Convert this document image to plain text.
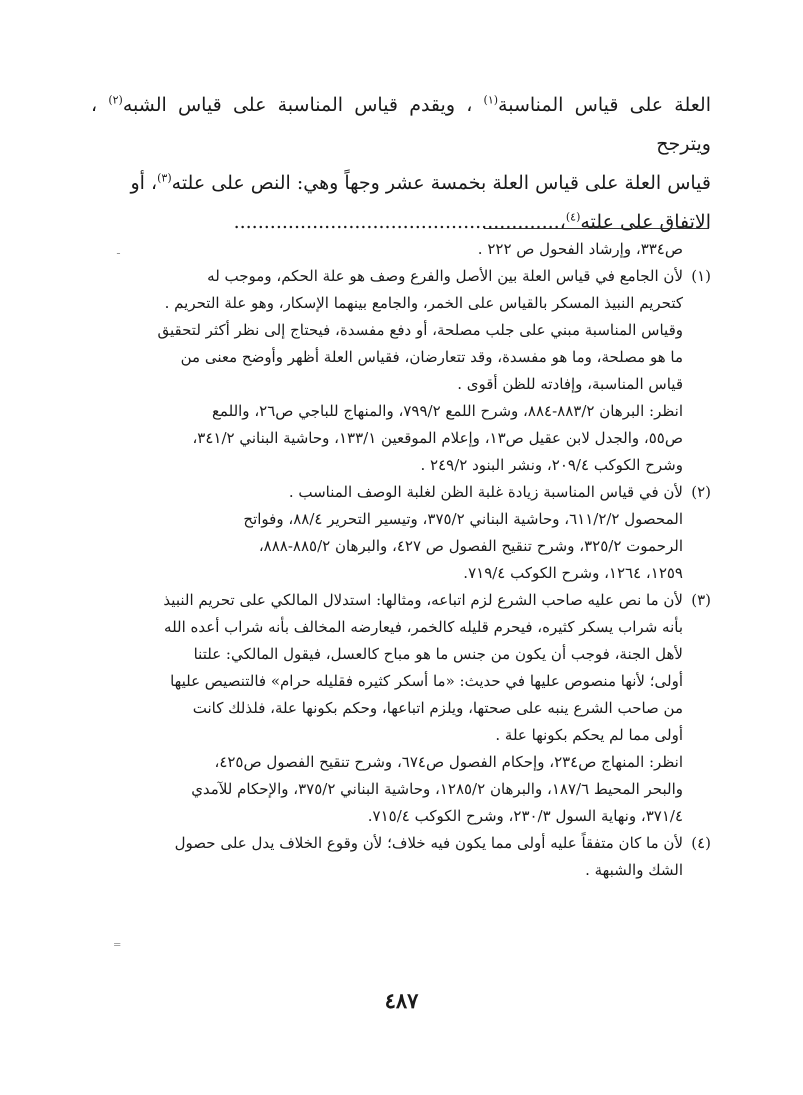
العلة على قياس المناسبة$^{(١)}$ ، ويقدم قياس المناسبة على قياس الشبه$^{(٢)}$ ، ويترجح

قياس العلة على قياس العلة بخمسة عشر وجهاً وهي: النص على علته$^{(٣)}$، أو

الاتفاق على علته$^{(٤)}$،......................................................

ص٣٣٤، وإرشاد الفحول ص ٢٢٢ .

(١)
لأن الجامع في قياس العلة بين الأصل والفرع وصف هو علة الحكم، وموجب له
كتحريم النبيذ المسكر بالقياس على الخمر، والجامع بينهما الإسكار، وهو علة التحريم .
وقياس المناسبة مبني على جلب مصلحة، أو دفع مفسدة، فيحتاج إلى نظر أكثر لتحقيق
ما هو مصلحة، وما هو مفسدة، وقد تتعارضان، فقياس العلة أظهر وأوضح معنى من
قياس المناسبة، وإفادته للظن أقوى .
انظر: البرهان ٨٨٣/٢-٨٨٤، وشرح اللمع ٧٩٩/٢، والمنهاج للباجي ص٢٦، واللمع
ص٥٥، والجدل لابن عقيل ص١٣، وإعلام الموقعين ١٣٣/١، وحاشية البناني ٣٤١/٢،
وشرح الكوكب ٢٠٩/٤، ونشر البنود ٢٤٩/٢ .
(٢)
لأن في قياس المناسبة زيادة غلبة الظن لغلبة الوصف المناسب .
المحصول ٦١١/٢/٢، وحاشية البناني ٣٧٥/٢، وتيسير التحرير ٨٨/٤، وفواتح
الرحموت ٣٢٥/٢، وشرح تنقيح الفصول ص ٤٢٧، والبرهان ٨٨٥/٢-٨٨٨،
١٢٥٩، ١٢٦٤، وشرح الكوكب ٧١٩/٤.
(٣)
لأن ما نص عليه صاحب الشرع لزم اتباعه، ومثالها: استدلال المالكي على تحريم النبيذ
بأنه شراب يسكر كثيره، فيحرم قليله كالخمر، فيعارضه المخالف بأنه شراب أعده الله
لأهل الجنة، فوجب أن يكون من جنس ما هو مباح كالعسل، فيقول المالكي: علتنا
أولى؛ لأنها منصوص عليها في حديث: «ما أسكر كثيره فقليله حرام» فالتنصيص عليها
من صاحب الشرع ينبه على صحتها، ويلزم اتباعها، وحكم بكونها علة، فلذلك كانت
أولى مما لم يحكم بكونها علة .
انظر: المنهاج ص٢٣٤، وإحكام الفصول ص٦٧٤، وشرح تنقيح الفصول ص٤٢٥،
والبحر المحيط ١٨٧/٦، والبرهان ١٢٨٥/٢، وحاشية البناني ٣٧٥/٢، والإحكام للآمدي
٣٧١/٤، ونهاية السول ٢٣٠/٣، وشرح الكوكب ٧١٥/٤.
(٤)
لأن ما كان متفقاً عليه أولى مما يكون فيه خلاف؛ لأن وقوع الخلاف يدل على حصول
الشك والشبهة .
ـ
=
٤٨٧
